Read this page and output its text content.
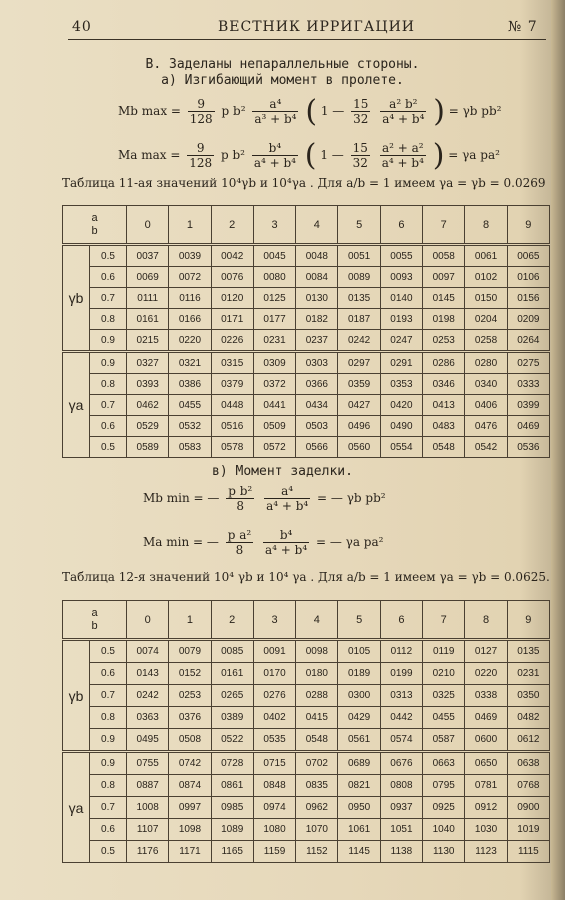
40	ВЕСТНИК ИРРИГАЦИИ	№ 7
В. Заделаны непараллельные стороны.
а) Изгибающий момент в пролете.
Mb $\max = \frac{9}{128}$ p $b^2 \frac{\text{a⁴}}{\text{a³ + b⁴}}$ ( 1 — $\frac{15}{32}$
$\frac{\text{a² b²}}{\text{a⁴ + b⁴}}$ ) = γb pb²
Ma $\max = \frac{9}{128}$ p $b^2 \frac{\text{b⁴}}{\text{a⁴ + b⁴}}$ ( 1 — $\frac{15}{32}$
$\frac{\text{a² + a²}}{\text{a⁴ + b⁴}}$ ) = γa pa²
Таблица 11-ая значений 10⁴γb и 10⁴γa . Для a/b = 1 имеем γa = γb = 0.0269
a
b		0	1	2	3	4	5	6	7	8	9
γb	0.5	0037	0039	0042	0045	0048	0051	0055	0058	0061	0065
	0.6	0069	0072	0076	0080	0084	0089	0093	0097	0102	0106
	0.7	0111	0116	0120	0125	0130	0135	0140	0145	0150	0156
	0.8	0161	0166	0171	0177	0182	0187	0193	0198	0204	0209
	0.9	0215	0220	0226	0231	0237	0242	0247	0253	0258	0264
γa	0.9	0327	0321	0315	0309	0303	0297	0291	0286	0280	0275
	0.8	0393	0386	0379	0372	0366	0359	0353	0346	0340	0333
	0.7	0462	0455	0448	0441	0434	0427	0420	0413	0406	0399
	0.6	0529	0532	0516	0509	0503	0496	0490	0483	0476	0469
	0.5	0589	0583	0578	0572	0566	0560	0554	0548	0542	0536
в) Момент заделки.
Mb min = — $\frac{\text{p b²}}{8}$
$\frac{\text{a⁴}}{\text{a⁴ + b⁴}}$ = — γb pb²
Ma min = — $\frac{\text{p a²}}{8}$
$\frac{\text{b⁴}}{\text{a⁴ + b⁴}}$ = — γa pa²
Таблица 12-я значений 10⁴ γb и 10⁴ γa . Для a/b = 1 имеем γa = γb = 0.0625.
a
b		0	1	2	3	4	5	6	7	8	9
γb	0.5	0074	0079	0085	0091	0098	0105	0112	0119	0127	0135
	0.6	0143	0152	0161	0170	0180	0189	0199	0210	0220	0231
	0.7	0242	0253	0265	0276	0288	0300	0313	0325	0338	0350
	0.8	0363	0376	0389	0402	0415	0429	0442	0455	0469	0482
	0.9	0495	0508	0522	0535	0548	0561	0574	0587	0600	0612
γa	0.9	0755	0742	0728	0715	0702	0689	0676	0663	0650	0638
	0.8	0887	0874	0861	0848	0835	0821	0808	0795	0781	0768
	0.7	1008	0997	0985	0974	0962	0950	0937	0925	0912	0900
	0.6	1107	1098	1089	1080	1070	1061	1051	1040	1030	1019
	0.5	1176	1171	1165	1159	1152	1145	1138	1130	1123	1115
